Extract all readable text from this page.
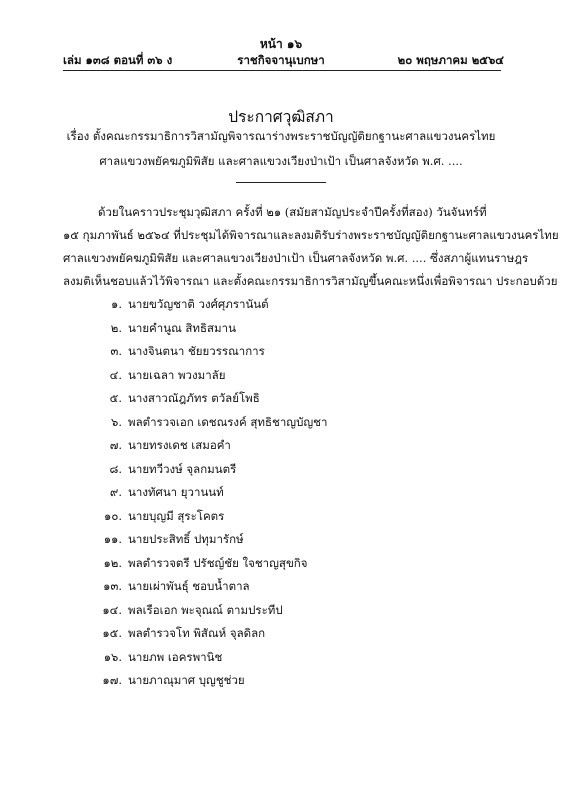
หน้า ๑๖
เล่ม ๑๓๘ ตอนที่ ๓๖ ง	ราชกิจจานุเบกษา	๒๐ พฤษภาคม ๒๕๖๔
ประกาศวุฒิสภา
เรื่อง ตั้งคณะกรรมาธิการวิสามัญพิจารณาร่างพระราชบัญญัติยกฐานะศาลแขวงนครไทย
ศาลแขวงพยัคฆภูมิพิสัย และศาลแขวงเวียงป่าเป้า เป็นศาลจังหวัด พ.ศ. ....
ด้วยในคราวประชุมวุฒิสภา ครั้งที่ ๒๑ (สมัยสามัญประจำปีครั้งที่สอง) วันจันทร์ที่
๑๕ กุมภาพันธ์ ๒๕๖๔ ที่ประชุมได้พิจารณาและลงมติรับร่างพระราชบัญญัติยกฐานะศาลแขวงนครไทย
ศาลแขวงพยัคฆภูมิพิสัย และศาลแขวงเวียงป่าเป้า เป็นศาลจังหวัด พ.ศ. .... ซึ่งสภาผู้แทนราษฎร
ลงมติเห็นชอบแล้วไว้พิจารณา และตั้งคณะกรรมาธิการวิสามัญขึ้นคณะหนึ่งเพื่อพิจารณา ประกอบด้วย
๑. นายขวัญชาติ วงศ์ศุภรานันต์
๒. นายคำนูณ สิทธิสมาน
๓. นางจินตนา ชัยยวรรณาการ
๔. นายเฉลา พวงมาลัย
๕. นางสาวณัฎภัทร ตวัลย์โพธิ
๖. พลตำรวจเอก เดชณรงค์ สุทธิชาญบัญชา
๗. นายทรงเดช เสมอคำ
๘. นายทวีวงษ์ จุลกมนตรี
๙. นางทัศนา ยุวานนท์
๑๐. นายบุญมี สุระโคตร
๑๑. นายประสิทธิ์ ปทุมารักษ์
๑๒. พลตำรวจตรี ปรัชญ์ชัย ใจชาญสุขกิจ
๑๓. นายเผ่าพันธุ์ ชอบน้ำตาล
๑๔. พลเรือเอก พะจุณณ์ ตามประทีป
๑๕. พลตำรวจโท พิสัณห์ จุลดิลก
๑๖. นายภพ เอครพานิช
๑๗. นายภาณุมาศ บุญชูช่วย
